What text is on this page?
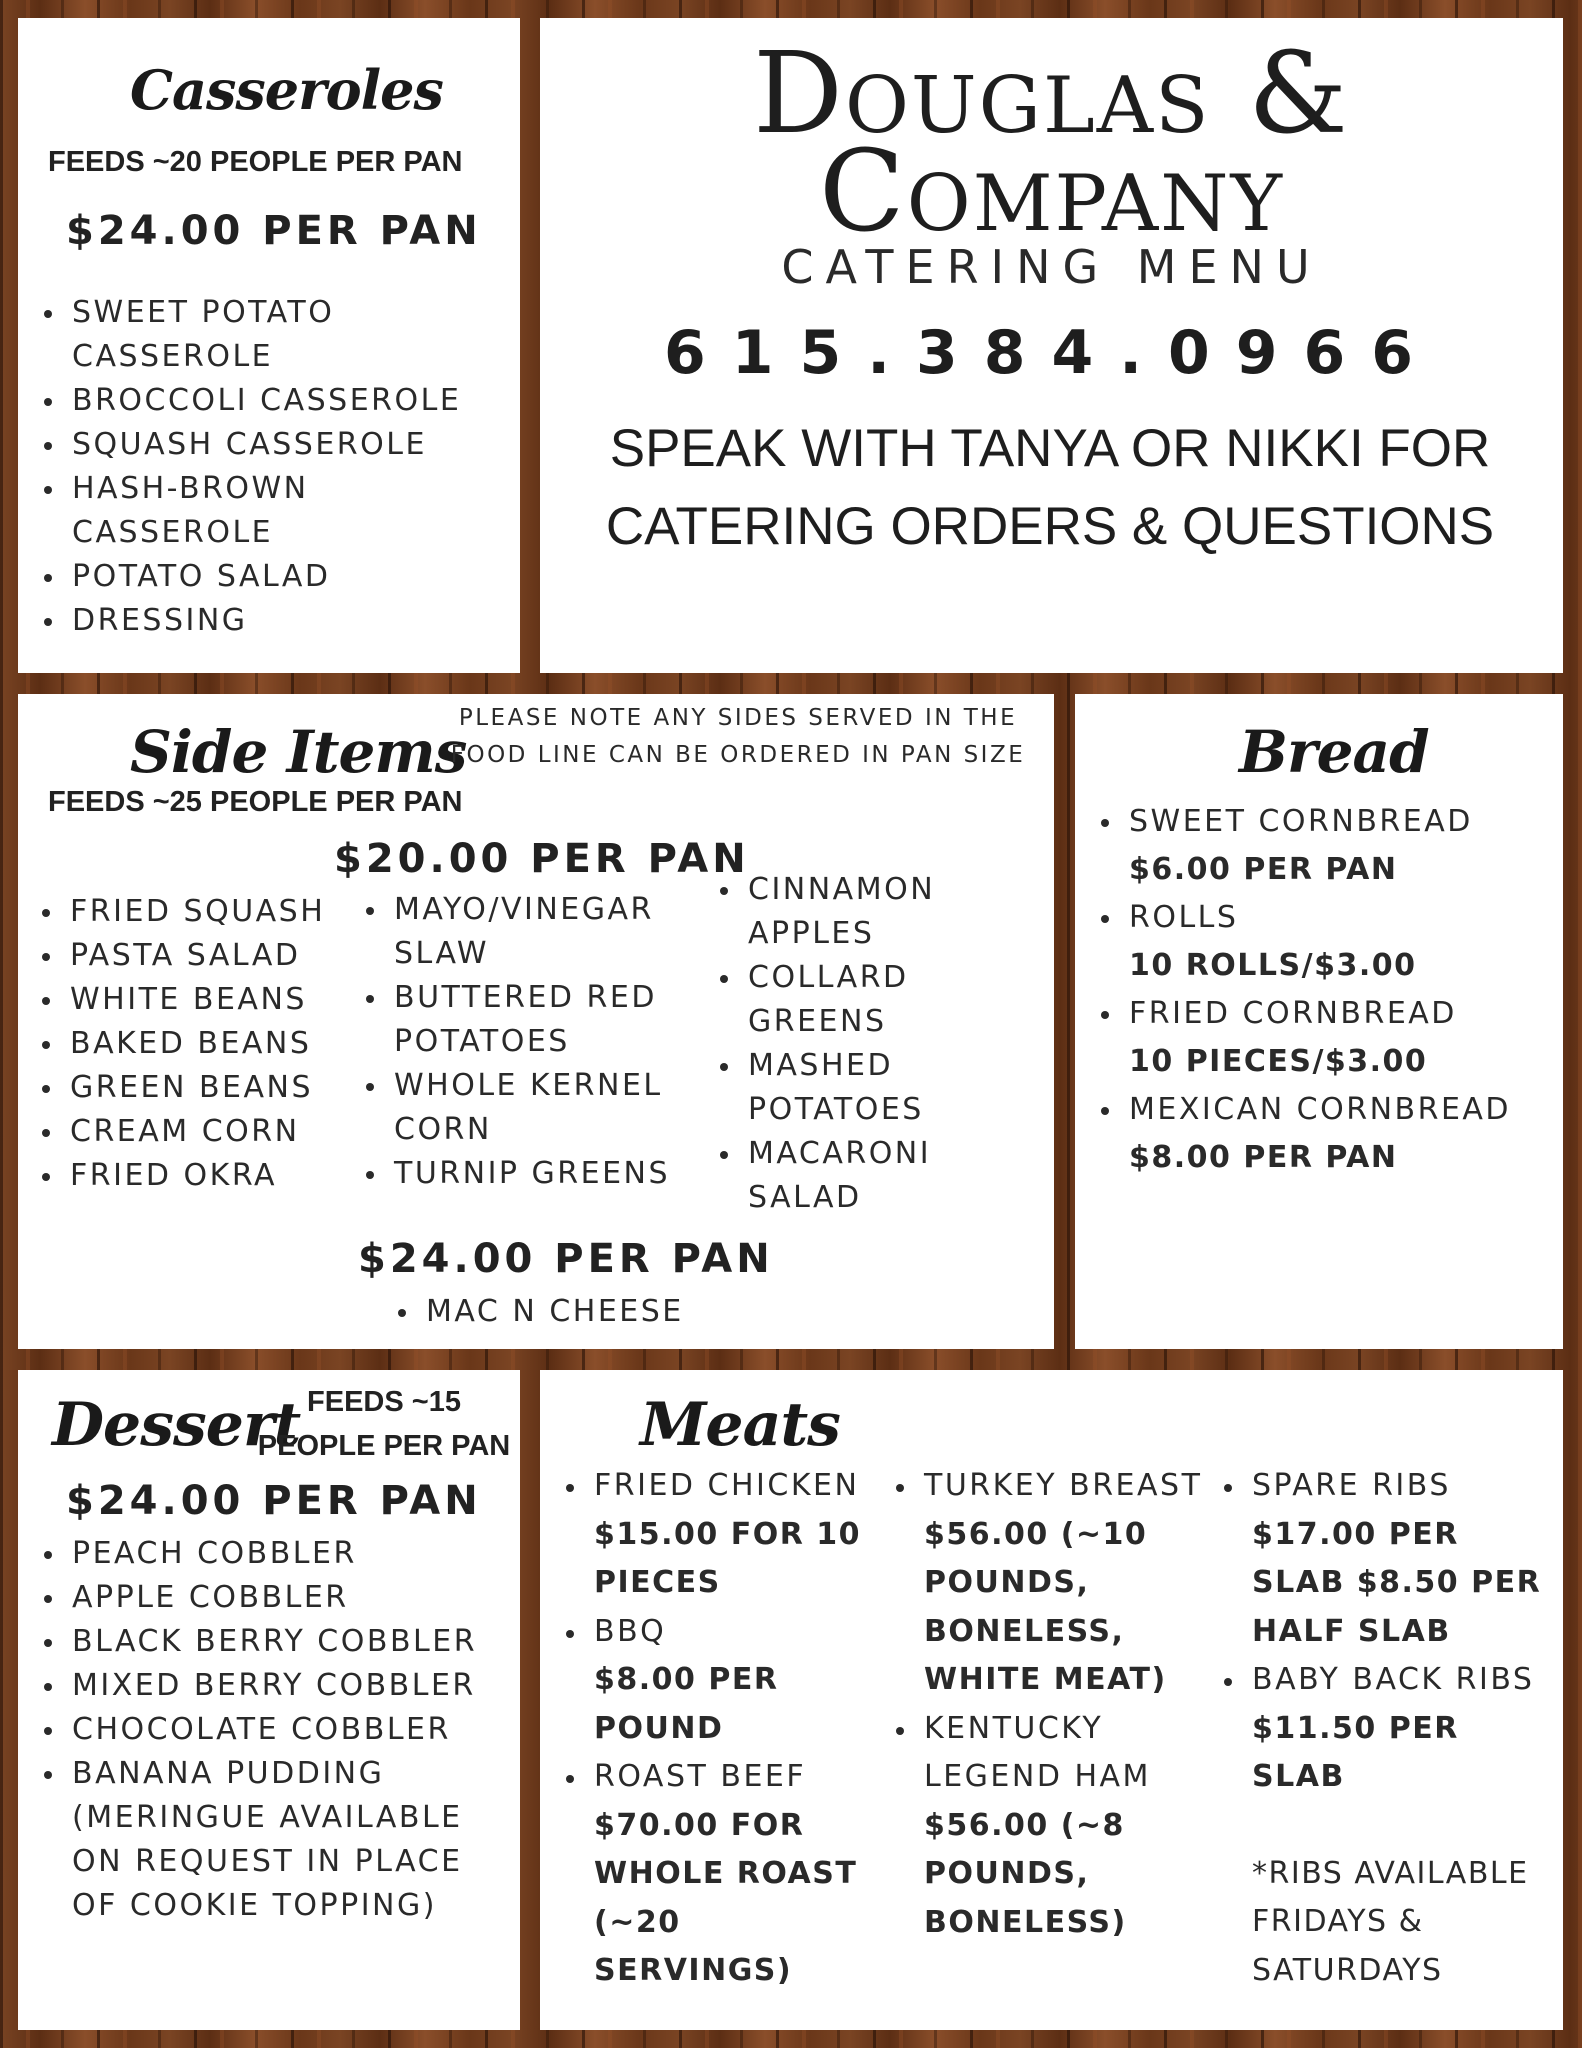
Casseroles
FEEDS ~20 PEOPLE PER PAN
$24.00 PER PAN
SWEET POTATO CASSEROLE
BROCCOLI CASSEROLE
SQUASH CASSEROLE
HASH-BROWN CASSEROLE
POTATO SALAD
DRESSING
Douglas &
Company
CATERING MENU
615.384.0966
SPEAK WITH TANYA OR NIKKI FOR CATERING ORDERS & QUESTIONS
Side Items
PLEASE NOTE ANY SIDES SERVED IN THE FOOD LINE CAN BE ORDERED IN PAN SIZE
FEEDS ~25 PEOPLE PER PAN
$20.00 PER PAN
FRIED SQUASH
PASTA SALAD
WHITE BEANS
BAKED BEANS
GREEN BEANS
CREAM CORN
FRIED OKRA
MAYO/VINEGAR SLAW
BUTTERED RED POTATOES
WHOLE KERNEL CORN
TURNIP GREENS
CINNAMON APPLES
COLLARD GREENS
MASHED POTATOES
MACARONI SALAD
$24.00 PER PAN
MAC N CHEESE
Bread
SWEET CORNBREAD
$6.00 PER PAN
ROLLS
10 ROLLS/$3.00
FRIED CORNBREAD
10 PIECES/$3.00
MEXICAN CORNBREAD
$8.00 PER PAN
Dessert FEEDS ~15 PEOPLE PER PAN
$24.00 PER PAN
PEACH COBBLER
APPLE COBBLER
BLACK BERRY COBBLER
MIXED BERRY COBBLER
CHOCOLATE COBBLER
BANANA PUDDING (MERINGUE AVAILABLE ON REQUEST IN PLACE OF COOKIE TOPPING)
Meats
FRIED CHICKEN
$15.00 FOR 10 PIECES
BBQ
$8.00 PER POUND
ROAST BEEF
$70.00 FOR WHOLE ROAST (~20 SERVINGS)
TURKEY BREAST
$56.00 (~10 POUNDS, BONELESS, WHITE MEAT)
KENTUCKY LEGEND HAM
$56.00 (~8 POUNDS, BONELESS)
SPARE RIBS
$17.00 PER SLAB $8.50 PER HALF SLAB
BABY BACK RIBS
$11.50 PER SLAB
*RIBS AVAILABLE FRIDAYS & SATURDAYS
